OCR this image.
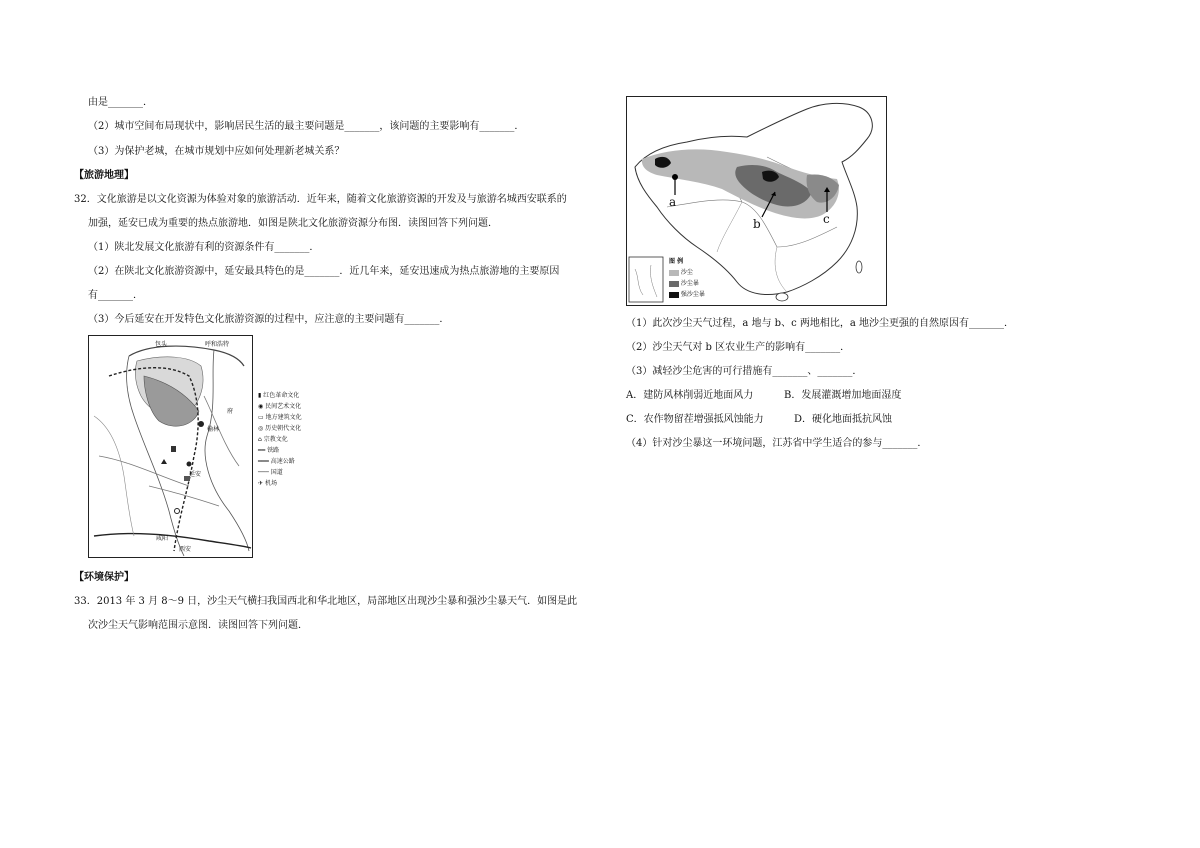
由是_______．
（2）城市空间布局现状中，影响居民生活的最主要问题是_______，该问题的主要影响有_______．
（3）为保护老城，在城市规划中应如何处理新老城关系？
【旅游地理】
32．文化旅游是以文化资源为体验对象的旅游活动．近年来，随着文化旅游资源的开发及与旅游名城西安联系的
加强，延安已成为重要的热点旅游地．如图是陕北文化旅游资源分布图．读图回答下列问题．
（1）陕北发展文化旅游有利的资源条件有_______．
（2）在陕北文化旅游资源中，延安最具特色的是_______．近几年来，延安迅速成为热点旅游地的主要原因
有_______．
（3）今后延安在开发特色文化旅游资源的过程中，应注意的主要问题有_______．
包头	呼和浩特
榆林
府
延安
咸阳
西安
▮ 红色革命文化
◉ 民间艺术文化
▭ 地方建筑文化
◎ 历史朝代文化
⌂ 宗教文化
━━ 铁路
═══ 高速公路
─── 国道
✈ 机场
【环境保护】
33．2013 年 3 月 8～9 日，沙尘天气横扫我国西北和华北地区，局部地区出现沙尘暴和强沙尘暴天气．如图是此
次沙尘天气影响范围示意图．读图回答下列问题．
a
b	c
图 例
沙尘
沙尘暴
强沙尘暴
（1）此次沙尘天气过程，a 地与 b、c 两地相比，a 地沙尘更强的自然原因有_______．
（2）沙尘天气对 b 区农业生产的影响有_______．
（3）减轻沙尘危害的可行措施有_______、_______．
A．建防风林削弱近地面风力	B．发展灌溉增加地面湿度
C．农作物留茬增强抵风蚀能力	D．硬化地面抵抗风蚀
（4）针对沙尘暴这一环境问题，江苏省中学生适合的参与_______．
